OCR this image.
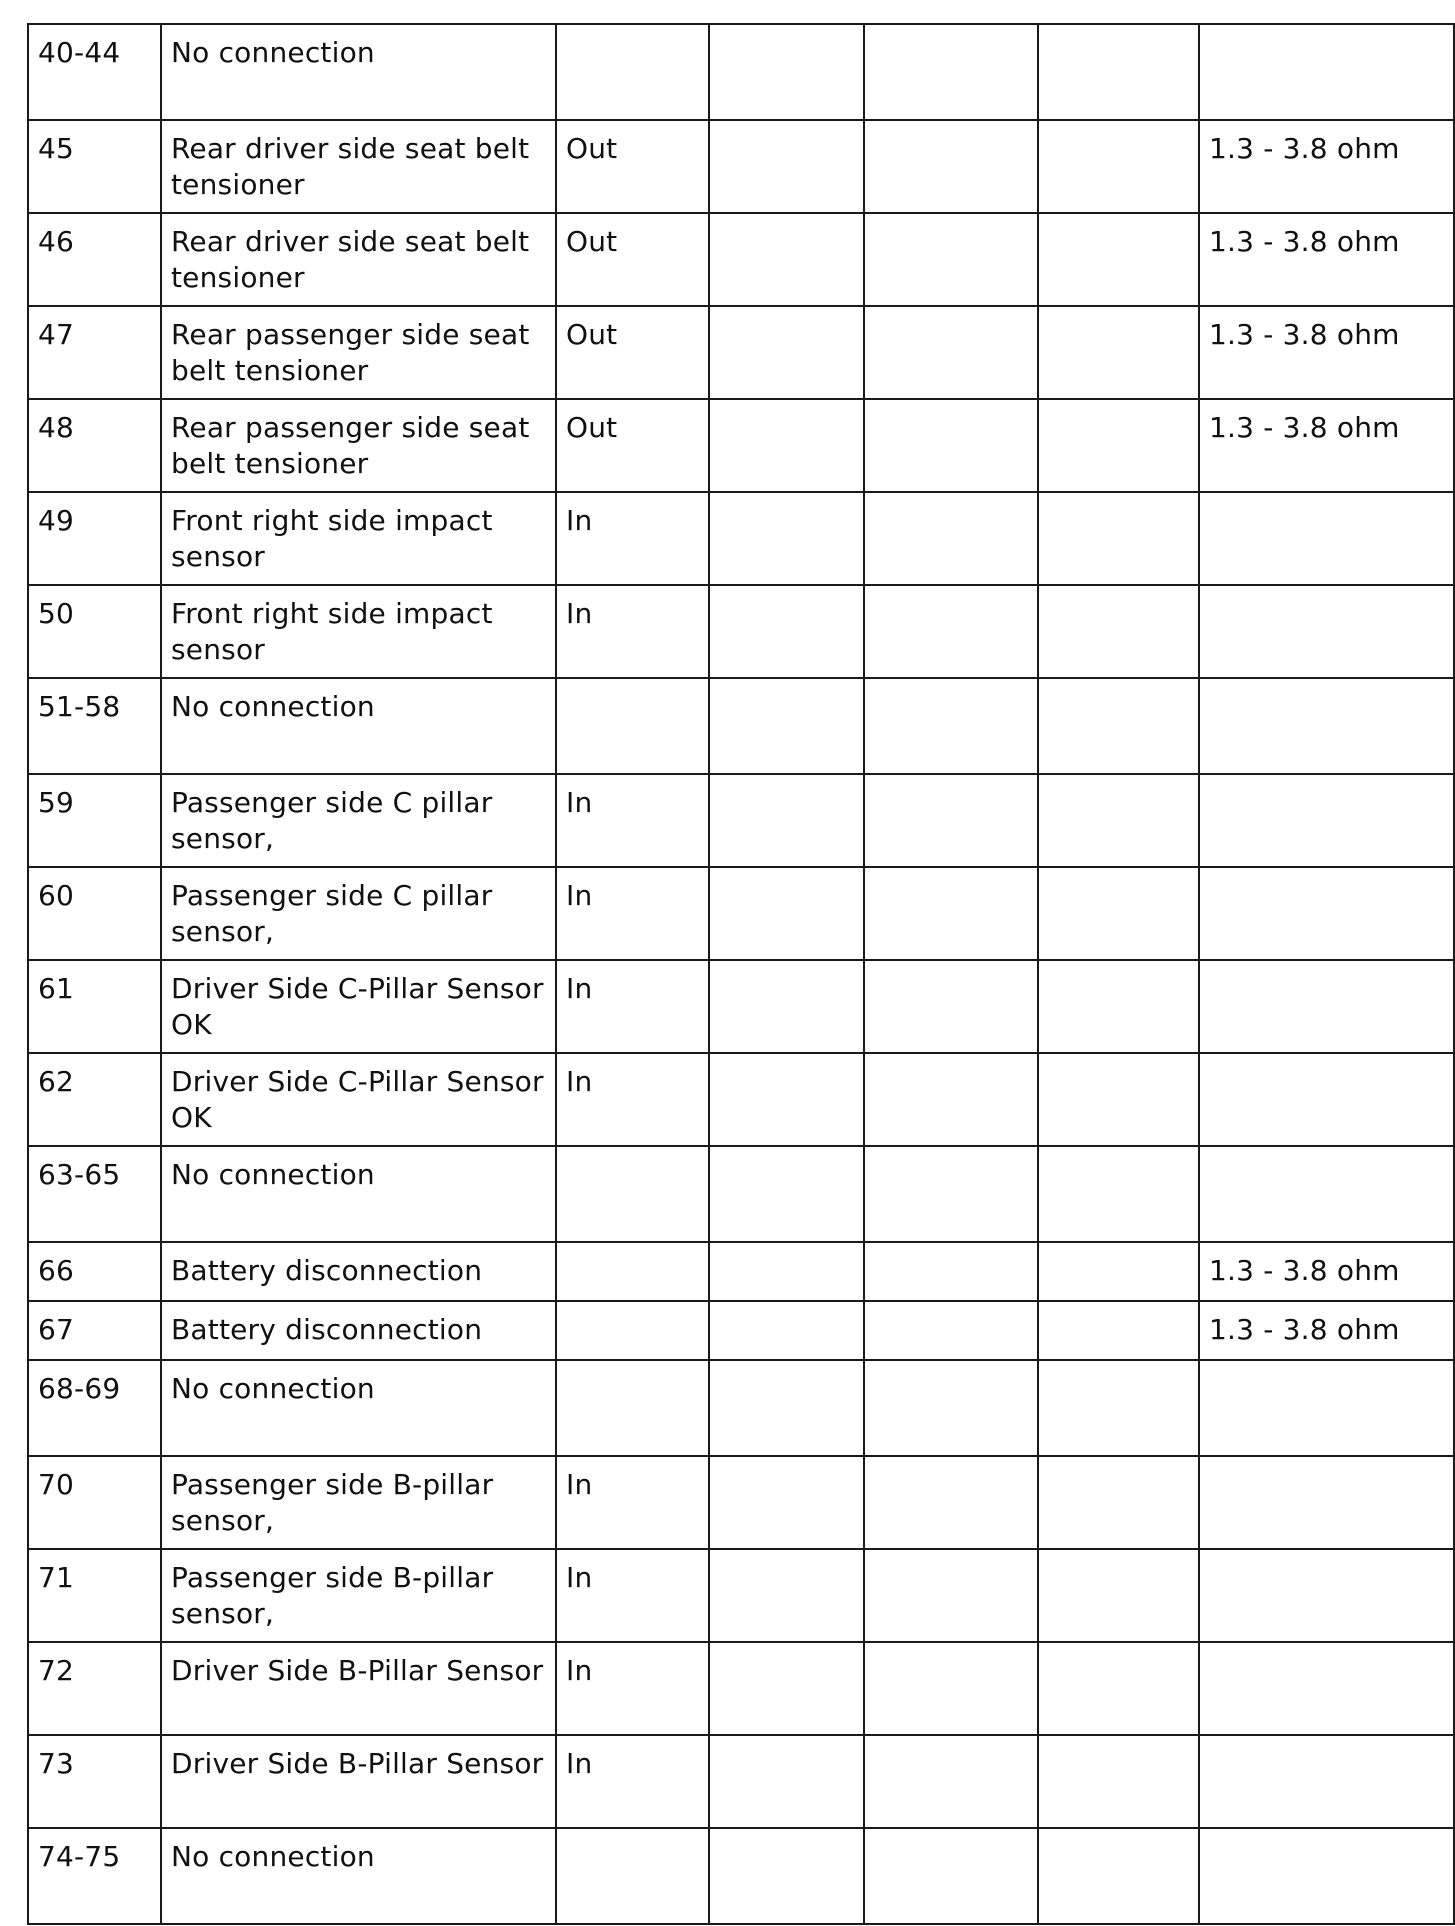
40-44	No connection					
45	Rear driver side seat belt tensioner	Out				1.3 - 3.8 ohm
46	Rear driver side seat belt tensioner	Out				1.3 - 3.8 ohm
47	Rear passenger side seat belt tensioner	Out				1.3 - 3.8 ohm
48	Rear passenger side seat belt tensioner	Out				1.3 - 3.8 ohm
49	Front right side impact sensor	In				
50	Front right side impact sensor	In				
51-58	No connection					
59	Passenger side C pillar sensor,	In				
60	Passenger side C pillar sensor,	In				
61	Driver Side C-Pillar Sensor OK	In				
62	Driver Side C-Pillar Sensor OK	In				
63-65	No connection					
66	Battery disconnection					1.3 - 3.8 ohm
67	Battery disconnection					1.3 - 3.8 ohm
68-69	No connection					
70	Passenger side B-pillar sensor,	In				
71	Passenger side B-pillar sensor,	In				
72	Driver Side B-Pillar Sensor	In				
73	Driver Side B-Pillar Sensor	In				
74-75	No connection					
